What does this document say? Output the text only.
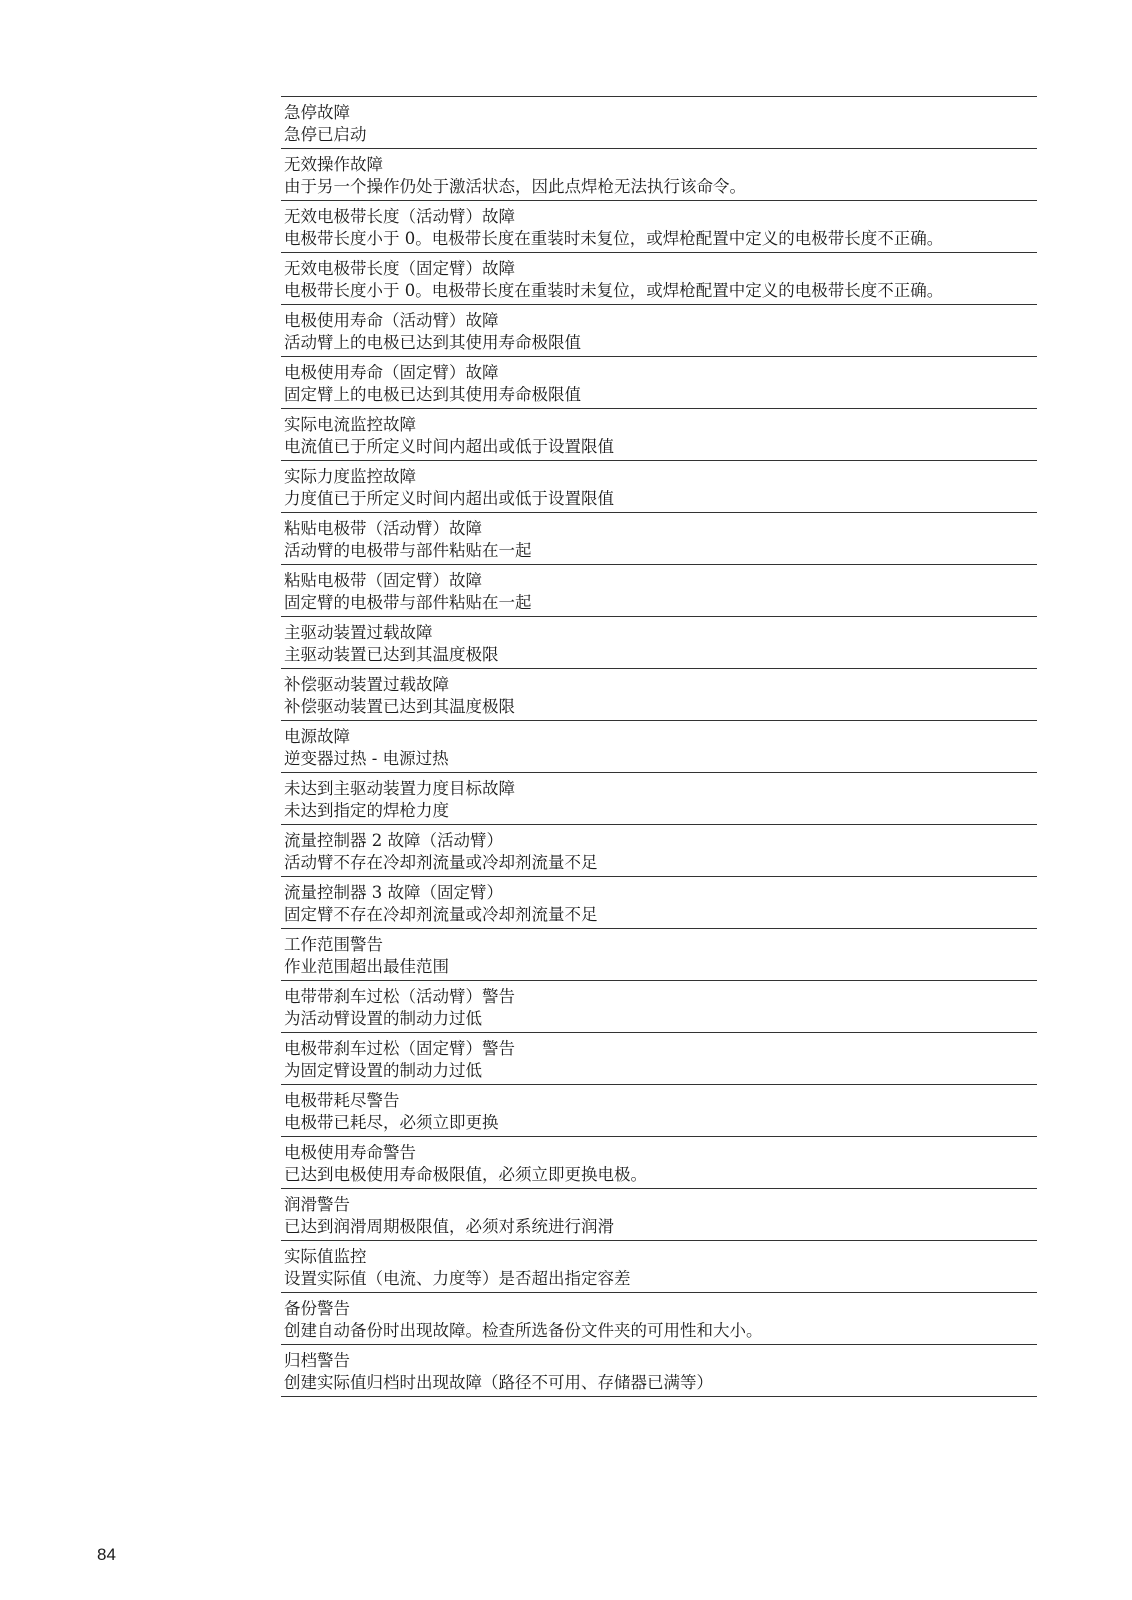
急停故障
急停已启动
无效操作故障
由于另一个操作仍处于激活状态，因此点焊枪无法执行该命令。
无效电极带长度（活动臂）故障
电极带长度小于 0。电极带长度在重装时未复位，或焊枪配置中定义的电极带长度不正确。
无效电极带长度（固定臂）故障
电极带长度小于 0。电极带长度在重装时未复位，或焊枪配置中定义的电极带长度不正确。
电极使用寿命（活动臂）故障
活动臂上的电极已达到其使用寿命极限值
电极使用寿命（固定臂）故障
固定臂上的电极已达到其使用寿命极限值
实际电流监控故障
电流值已于所定义时间内超出或低于设置限值
实际力度监控故障
力度值已于所定义时间内超出或低于设置限值
粘贴电极带（活动臂）故障
活动臂的电极带与部件粘贴在一起
粘贴电极带（固定臂）故障
固定臂的电极带与部件粘贴在一起
主驱动装置过载故障
主驱动装置已达到其温度极限
补偿驱动装置过载故障
补偿驱动装置已达到其温度极限
电源故障
逆变器过热 - 电源过热
未达到主驱动装置力度目标故障
未达到指定的焊枪力度
流量控制器 2 故障（活动臂）
活动臂不存在冷却剂流量或冷却剂流量不足
流量控制器 3 故障（固定臂）
固定臂不存在冷却剂流量或冷却剂流量不足
工作范围警告
作业范围超出最佳范围
电带带刹车过松（活动臂）警告
为活动臂设置的制动力过低
电极带刹车过松（固定臂）警告
为固定臂设置的制动力过低
电极带耗尽警告
电极带已耗尽，必须立即更换
电极使用寿命警告
已达到电极使用寿命极限值，必须立即更换电极。
润滑警告
已达到润滑周期极限值，必须对系统进行润滑
实际值监控
设置实际值（电流、力度等）是否超出指定容差
备份警告
创建自动备份时出现故障。检查所选备份文件夹的可用性和大小。
归档警告
创建实际值归档时出现故障（路径不可用、存储器已满等）
84
